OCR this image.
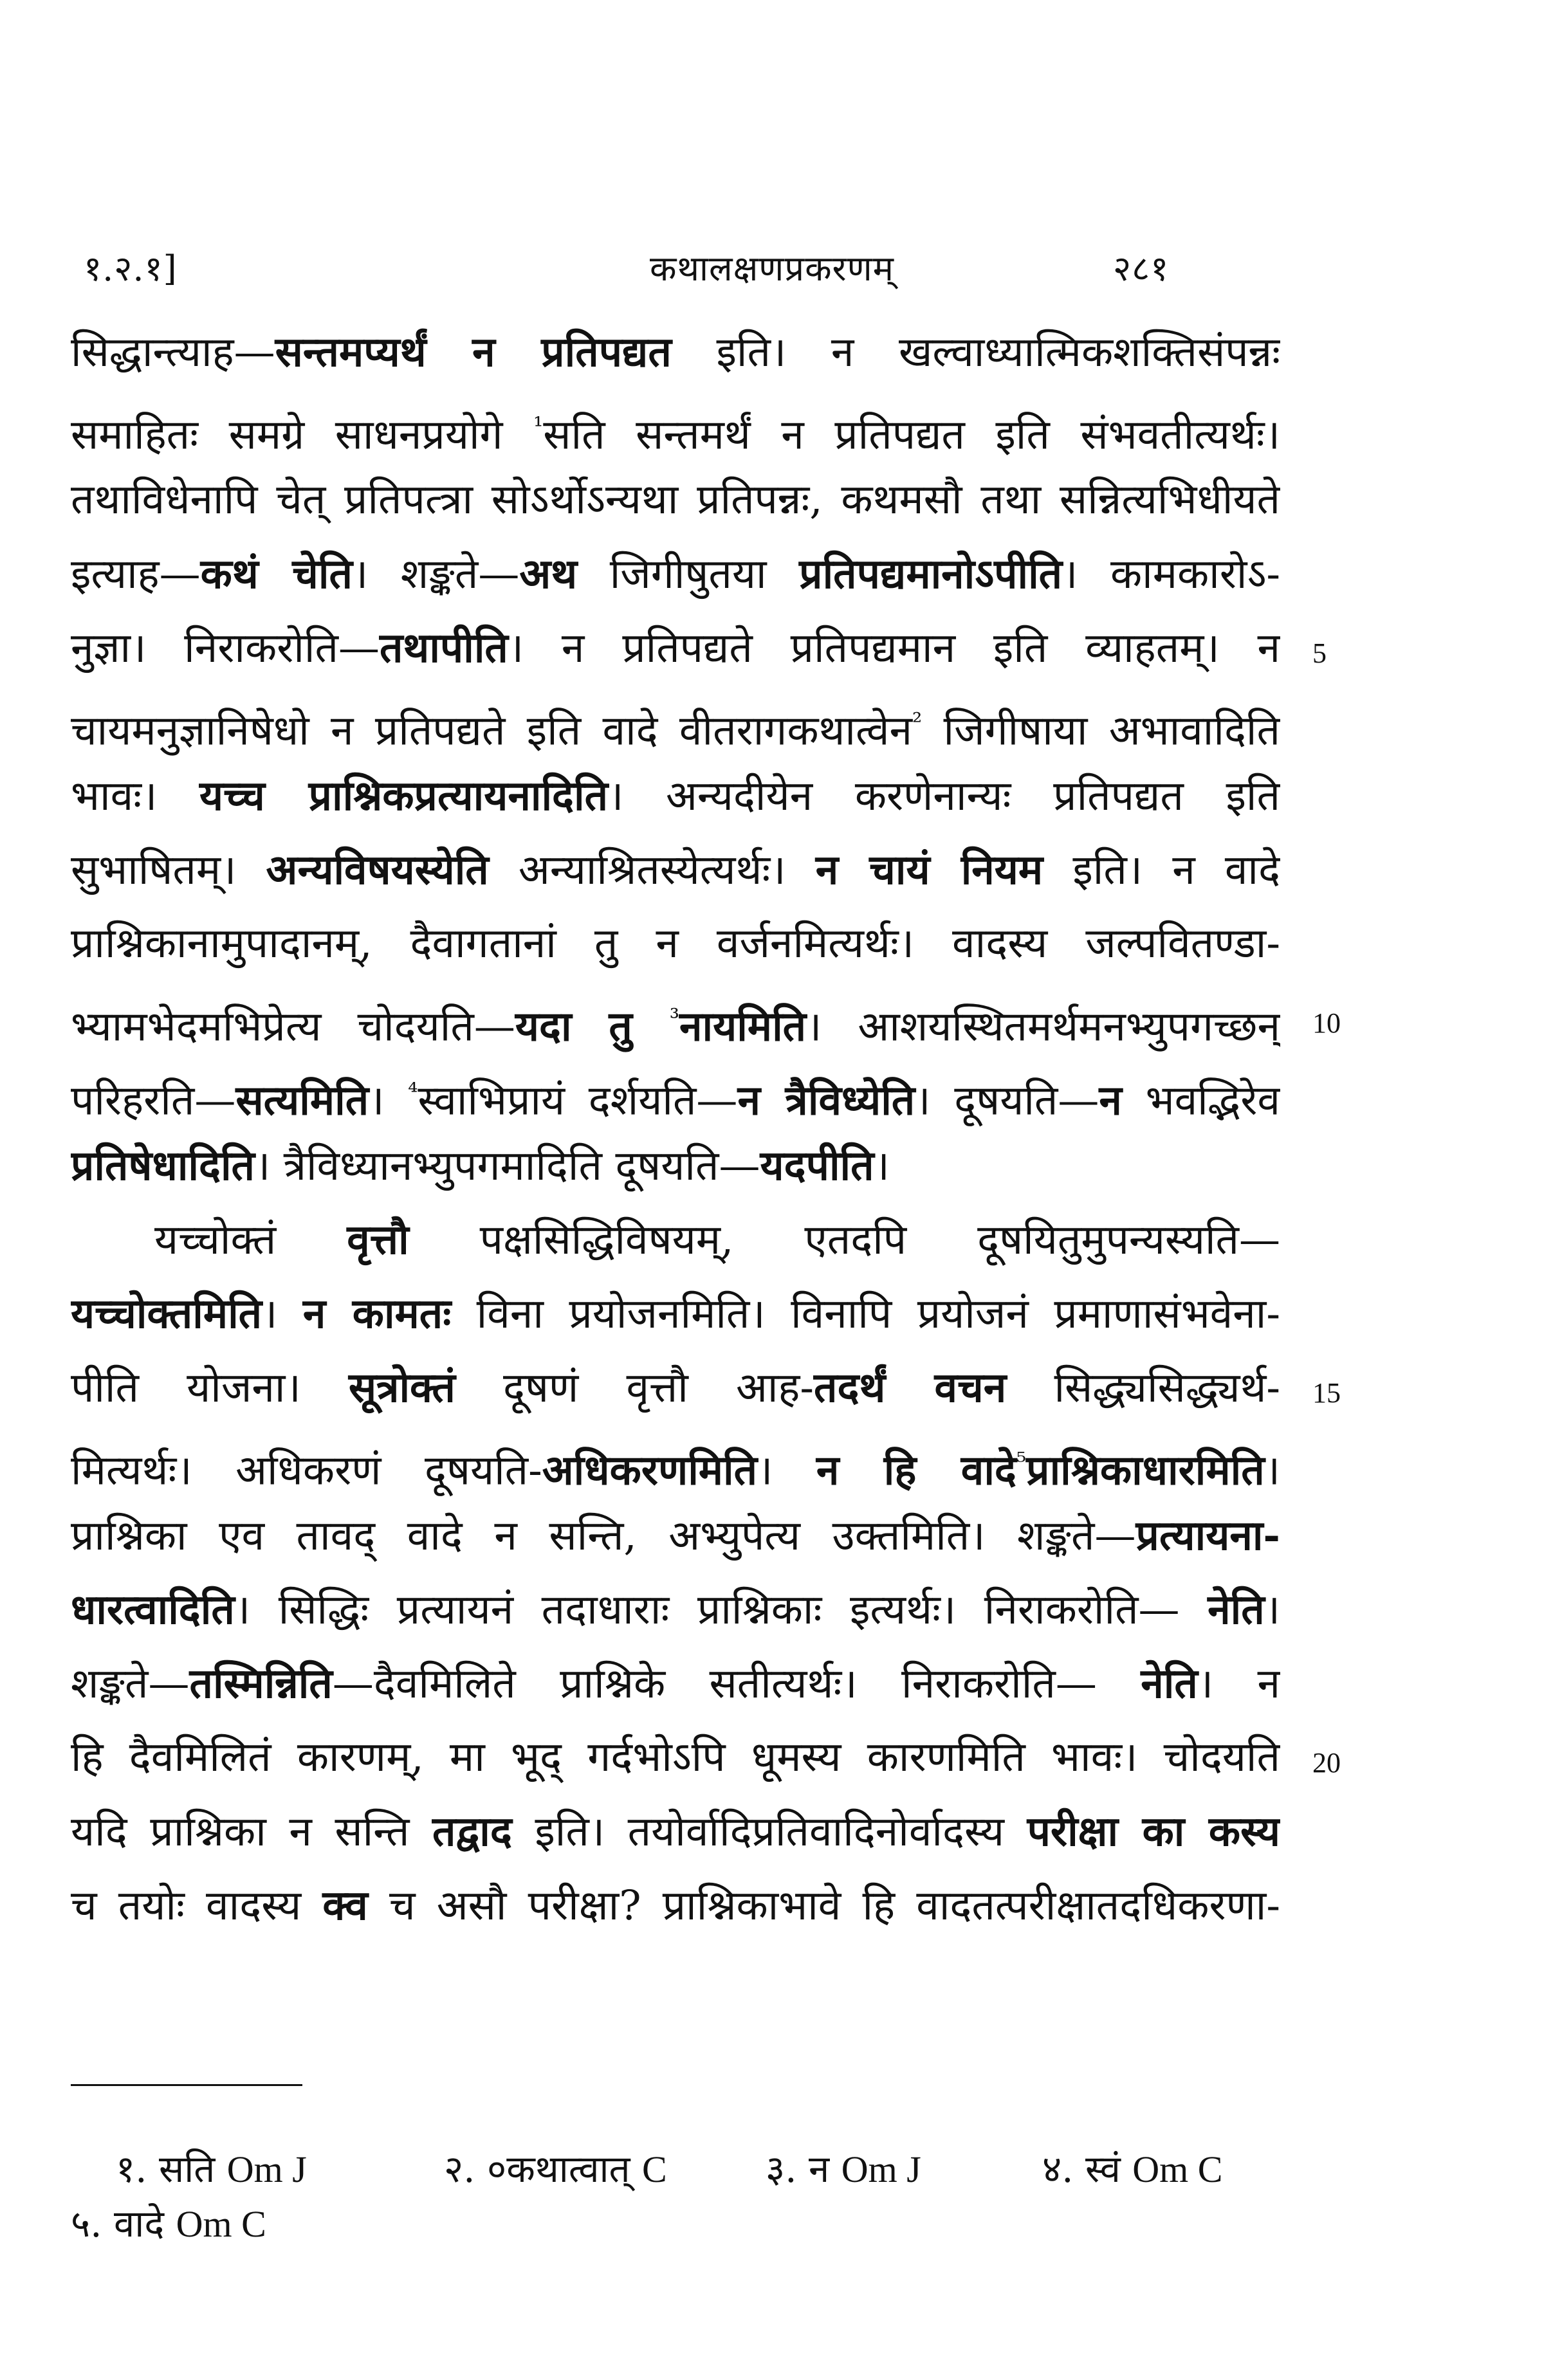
१.२.१]	कथालक्षणप्रकरणम्	२८१
सिद्धान्त्याह—सन्तमप्यर्थं न प्रतिपद्यत इति। न खल्वाध्यात्मिकशक्तिसंपन्नः
समाहितः समग्रे साधनप्रयोगे $^{^1}$सति सन्तमर्थं न प्रतिपद्यत इति संभवतीत्यर्थः।
तथाविधेनापि चेत् प्रतिपत्त्रा सोऽर्थोऽन्यथा प्रतिपन्नः, कथमसौ तथा सन्नित्यभिधीयते
इत्याह—कथं चेति। शङ्कते—अथ जिगीषुतया प्रतिपद्यमानोऽपीति। कामकारोऽ-
नुज्ञा। निराकरोति—तथापीति। न प्रतिपद्यते प्रतिपद्यमान इति व्याहतम्। न
चायमनुज्ञानिषेधो न प्रतिपद्यते इति वादे वीतरागकथात्वेन$^{^2}$ जिगीषाया अभावादिति
भावः। यच्च प्राश्निकप्रत्यायनादिति। अन्यदीयेन करणेनान्यः प्रतिपद्यत इति
सुभाषितम्। अन्यविषयस्येति अन्याश्रितस्येत्यर्थः। न चायं नियम इति। न वादे
प्राश्निकानामुपादानम्, दैवागतानां तु न वर्जनमित्यर्थः। वादस्य जल्पवितण्डा-
भ्यामभेदमभिप्रेत्य चोदयति—यदा तु $^{^3}$नायमिति। आशयस्थितमर्थमनभ्युपगच्छन्
परिहरति—सत्यमिति। $^{^4}$स्वाभिप्रायं दर्शयति—न त्रैविध्येति। दूषयति—न भवद्भिरेव
प्रतिषेधादिति। त्रैविध्यानभ्युपगमादिति दूषयति—यदपीति।
यच्चोक्तं वृत्तौ पक्षसिद्धिविषयम्, एतदपि दूषयितुमुपन्यस्यति—
यच्चोक्तमिति। न कामतः विना प्रयोजनमिति। विनापि प्रयोजनं प्रमाणासंभवेना-
पीति योजना। सूत्रोक्तं दूषणं वृत्तौ आह-तदर्थं वचन सिद्ध्यसिद्ध्यर्थ-
मित्यर्थः। अधिकरणं दूषयति-अधिकरणमिति। न हि वादे$^{^5}$प्राश्निकाधारमिति।
प्राश्निका एव तावद् वादे न सन्ति, अभ्युपेत्य उक्तमिति। शङ्कते—प्रत्यायना-
धारत्वादिति। सिद्धिः प्रत्यायनं तदाधाराः प्राश्निकाः इत्यर्थः। निराकरोति— नेति।
शङ्कते—तस्मिन्निति—दैवमिलिते प्राश्निके सतीत्यर्थः। निराकरोति— नेति। न
हि दैवमिलितं कारणम्, मा भूद् गर्दभोऽपि धूमस्य कारणमिति भावः। चोदयति
यदि प्राश्निका न सन्ति तद्वाद इति। तयोर्वादिप्रतिवादिनोर्वादस्य परीक्षा का कस्य
च तयोः वादस्य क्व च असौ परीक्षा? प्राश्निकाभावे हि वादतत्परीक्षातदधिकरणा-
5
10
15
20
१. सति Om J	२. ०कथात्वात् C	३. न Om J	४. स्वं Om C
५. वादे Om C
